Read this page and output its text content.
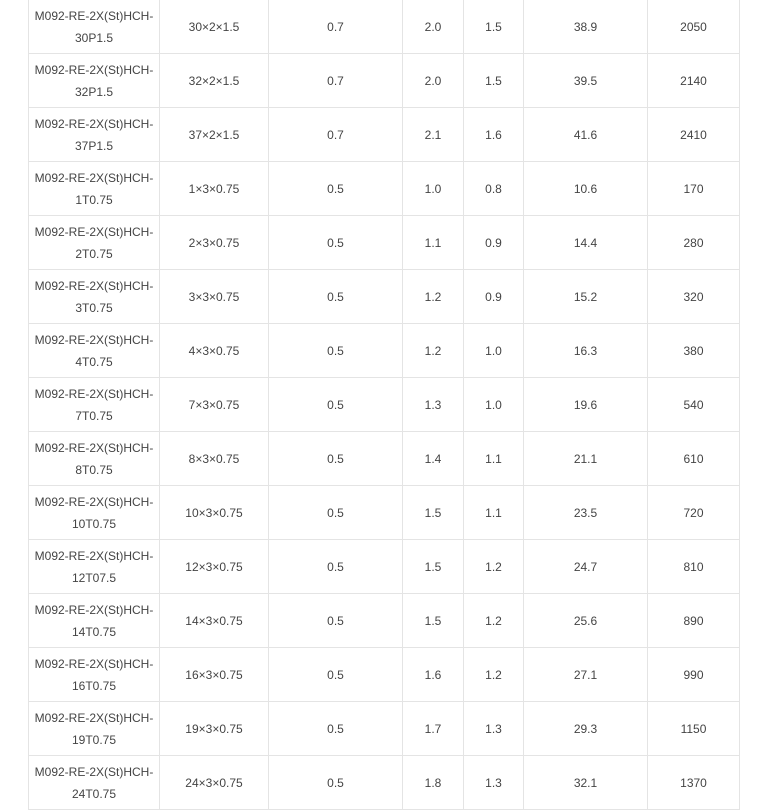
M092-RE-2X(St)HCH-
30P1.5	30×2×1.5	0.7	2.0	1.5	38.9	2050

M092-RE-2X(St)HCH-
32P1.5	32×2×1.5	0.7	2.0	1.5	39.5	2140

M092-RE-2X(St)HCH-
37P1.5	37×2×1.5	0.7	2.1	1.6	41.6	2410

M092-RE-2X(St)HCH-
1T0.75	1×3×0.75	0.5	1.0	0.8	10.6	170

M092-RE-2X(St)HCH-
2T0.75	2×3×0.75	0.5	1.1	0.9	14.4	280

M092-RE-2X(St)HCH-
3T0.75	3×3×0.75	0.5	1.2	0.9	15.2	320

M092-RE-2X(St)HCH-
4T0.75	4×3×0.75	0.5	1.2	1.0	16.3	380

M092-RE-2X(St)HCH-
7T0.75	7×3×0.75	0.5	1.3	1.0	19.6	540

M092-RE-2X(St)HCH-
8T0.75	8×3×0.75	0.5	1.4	1.1	21.1	610

M092-RE-2X(St)HCH-
10T0.75	10×3×0.75	0.5	1.5	1.1	23.5	720

M092-RE-2X(St)HCH-
12T07.5	12×3×0.75	0.5	1.5	1.2	24.7	810

M092-RE-2X(St)HCH-
14T0.75	14×3×0.75	0.5	1.5	1.2	25.6	890

M092-RE-2X(St)HCH-
16T0.75	16×3×0.75	0.5	1.6	1.2	27.1	990

M092-RE-2X(St)HCH-
19T0.75	19×3×0.75	0.5	1.7	1.3	29.3	1150

M092-RE-2X(St)HCH-
24T0.75	24×3×0.75	0.5	1.8	1.3	32.1	1370
